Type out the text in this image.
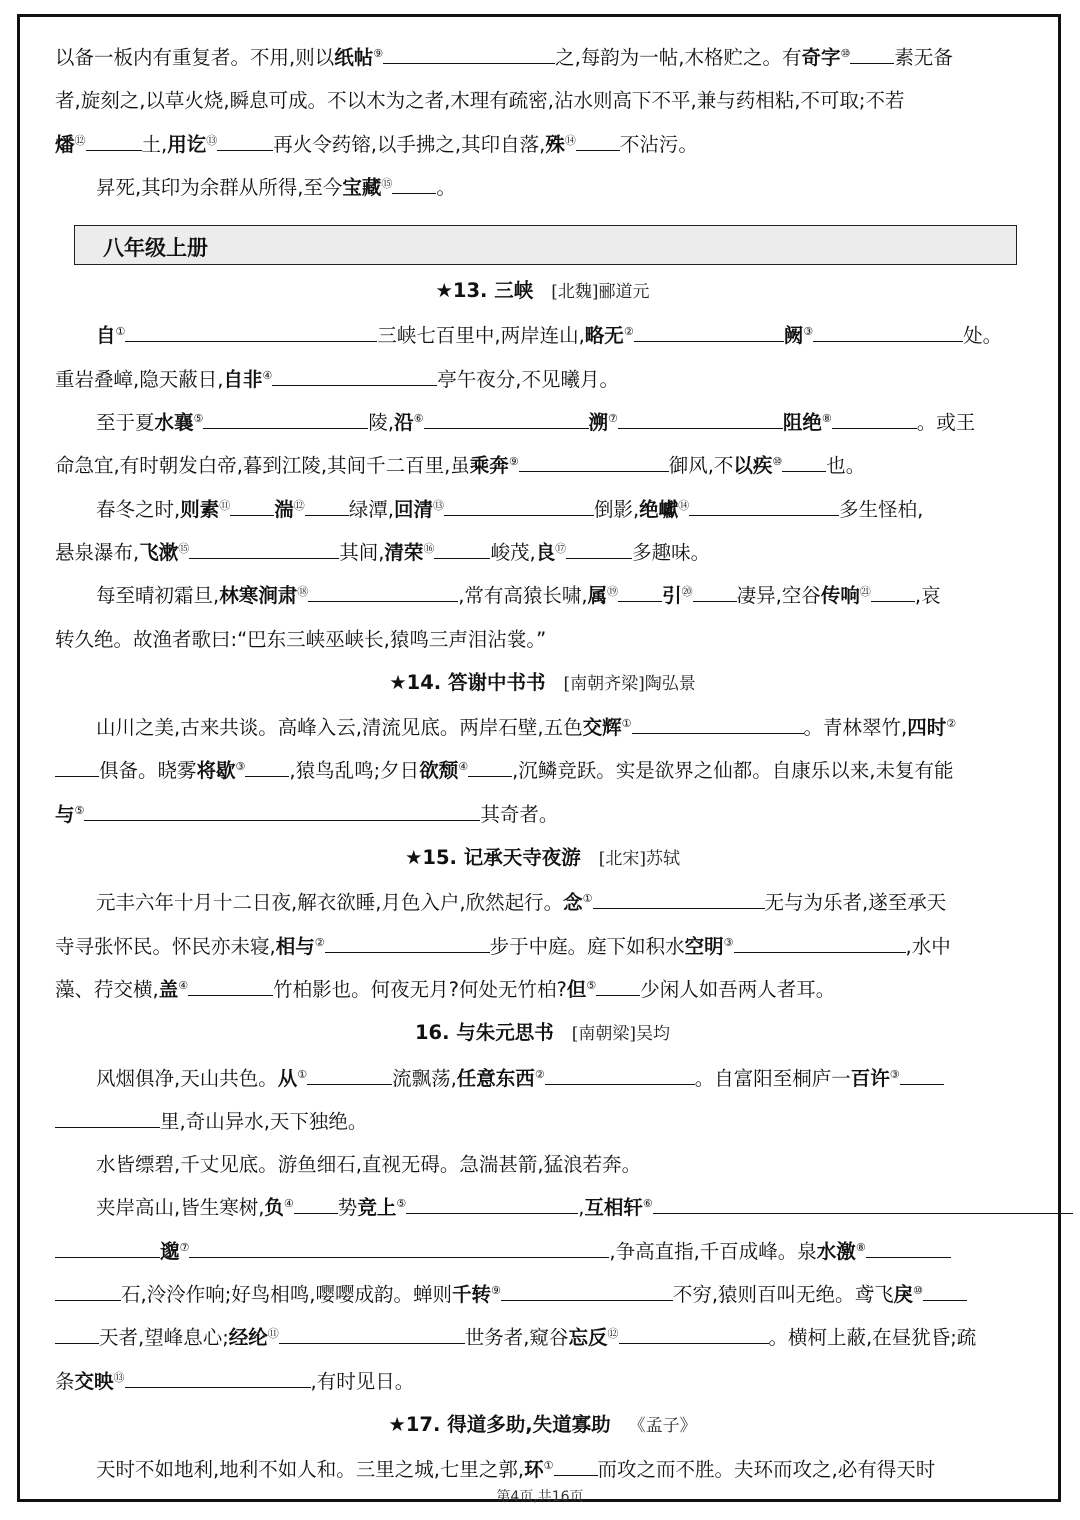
以备一板内有重复者。不用,则以纸帖⑨	之,每韵为一帖,木格贮之。有奇字⑩ 素无备

者,旋刻之,以草火烧,瞬息可成。不以木为之者,木理有疏密,沾水则高下不平,兼与药相粘,不可取;不若

燔⑫	土,用讫⑬	再火令药镕,以手拂之,其印自落,殊⑭ 不沾污。

昇死,其印为余群从所得,至今宝藏⑮ 。

八年级上册

★13. 三峡 [北魏]郦道元

自①	三峡七百里中,两岸连山,略无②	阙③	处。

重岩叠嶂,隐天蔽日,自非④	亭午夜分,不见曦月。

至于夏水襄⑤	陵,沿⑥	溯⑦	阻绝⑧	。或王

命急宜,有时朝发白帝,暮到江陵,其间千二百里,虽乘奔⑨	御风,不以疾⑩ 也。

春冬之时,则素⑪ 湍⑫ 绿潭,回清⑬	倒影,绝巘⑭	多生怪柏,

悬泉瀑布,飞漱⑮	其间,清荣⑯	峻茂,良⑰	多趣味。

每至晴初霜旦,林寒涧肃⑱	,常有高猿长啸,属⑲ 引⑳ 凄异,空谷传响$^㉑$ ,哀

转久绝。故渔者歌曰:“巴东三峡巫峡长,猿鸣三声泪沾裳。”

★14. 答谢中书书 [南朝齐梁]陶弘景

山川之美,古来共谈。高峰入云,清流见底。两岸石壁,五色交辉①	。青林翠竹,四时②

俱备。晓雾将歇③ ,猿鸟乱鸣;夕日欲颓④ ,沉鳞竞跃。实是欲界之仙都。自康乐以来,未复有能

与⑤	其奇者。

★15. 记承天寺夜游 [北宋]苏轼

元丰六年十月十二日夜,解衣欲睡,月色入户,欣然起行。念①	无与为乐者,遂至承天

寺寻张怀民。怀民亦未寝,相与②	步于中庭。庭下如积水空明③	,水中

藻、荇交横,盖④	竹柏影也。何夜无月?何处无竹柏?但⑤ 少闲人如吾两人者耳。

16. 与朱元思书 [南朝梁]吴均

风烟俱净,天山共色。从①	流飘荡,任意东西②	。自富阳至桐庐一百许③

里,奇山异水,天下独绝。

水皆缥碧,千丈见底。游鱼细石,直视无碍。急湍甚箭,猛浪若奔。

夹岸高山,皆生寒树,负④ 势竞上⑤	,互相轩⑥

邈⑦	,争高直指,千百成峰。泉水激⑧

石,泠泠作响;好鸟相鸣,嘤嘤成韵。蝉则千转⑨	不穷,猿则百叫无绝。鸢飞戾⑩

天者,望峰息心;经纶⑪	世务者,窥谷忘反⑫	。横柯上蔽,在昼犹昏;疏

条交映⑬	,有时见日。

★17. 得道多助,失道寡助 《孟子》

天时不如地利,地利不如人和。三里之城,七里之郭,环① 而攻之而不胜。夫环而攻之,必有得天时

第4页,共16页
